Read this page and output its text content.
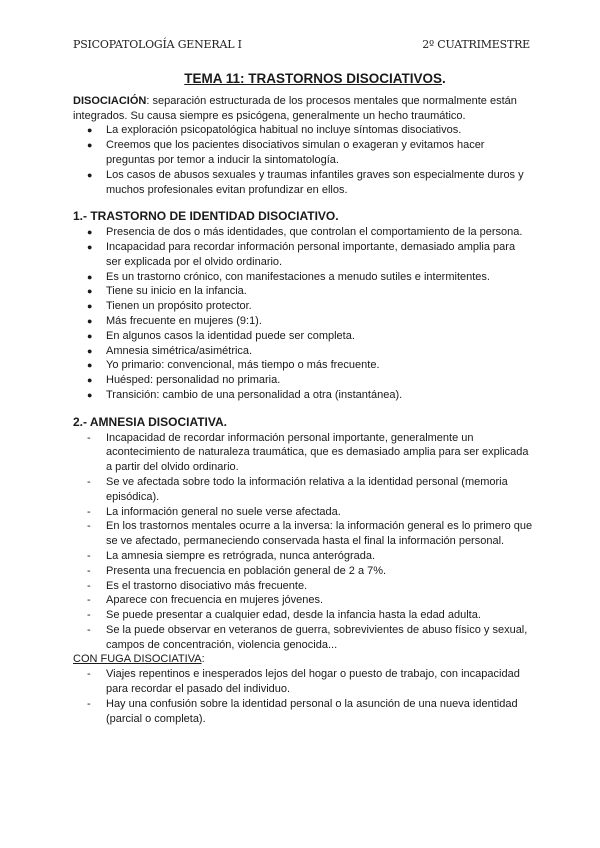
PSICOPATOLOGÍA GENERAL I	2º CUATRIMESTRE
TEMA 11: TRASTORNOS DISOCIATIVOS.

DISOCIACIÓN: separación estructurada de los procesos mentales que normalmente están integrados. Su causa siempre es psicógena, generalmente un hecho traumático.

● La exploración psicopatológica habitual no incluye síntomas disociativos.
● Creemos que los pacientes disociativos simulan o exageran y evitamos hacer preguntas por temor a inducir la sintomatología.
● Los casos de abusos sexuales y traumas infantiles graves son especialmente duros y muchos profesionales evitan profundizar en ellos.
1.- TRASTORNO DE IDENTIDAD DISOCIATIVO.
● Presencia de dos o más identidades, que controlan el comportamiento de la persona.
● Incapacidad para recordar información personal importante, demasiado amplia para ser explicada por el olvido ordinario.
● Es un trastorno crónico, con manifestaciones a menudo sutiles e intermitentes.
● Tiene su inicio en la infancia.
● Tienen un propósito protector.
● Más frecuente en mujeres (9:1).
● En algunos casos la identidad puede ser completa.
● Amnesia simétrica/asimétrica.
● Yo primario: convencional, más tiempo o más frecuente.
● Huésped: personalidad no primaria.
● Transición: cambio de una personalidad a otra (instantánea).
2.- AMNESIA DISOCIATIVA.
- Incapacidad de recordar información personal importante, generalmente un acontecimiento de naturaleza traumática, que es demasiado amplia para ser explicada a partir del olvido ordinario.
- Se ve afectada sobre todo la información relativa a la identidad personal (memoria episódica).
- La información general no suele verse afectada.
- En los trastornos mentales ocurre a la inversa: la información general es lo primero que se ve afectado, permaneciendo conservada hasta el final la información personal.
- La amnesia siempre es retrógrada, nunca anterógrada.
- Presenta una frecuencia en población general de 2 a 7%.
- Es el trastorno disociativo más frecuente.
- Aparece con frecuencia en mujeres jóvenes.
- Se puede presentar a cualquier edad, desde la infancia hasta la edad adulta.
- Se la puede observar en veteranos de guerra, sobrevivientes de abuso físico y sexual, campos de concentración, violencia genocida...

CON FUGA DISOCIATIVA:

- Viajes repentinos e inesperados lejos del hogar o puesto de trabajo, con incapacidad para recordar el pasado del individuo.
- Hay una confusión sobre la identidad personal o la asunción de una nueva identidad (parcial o completa).
